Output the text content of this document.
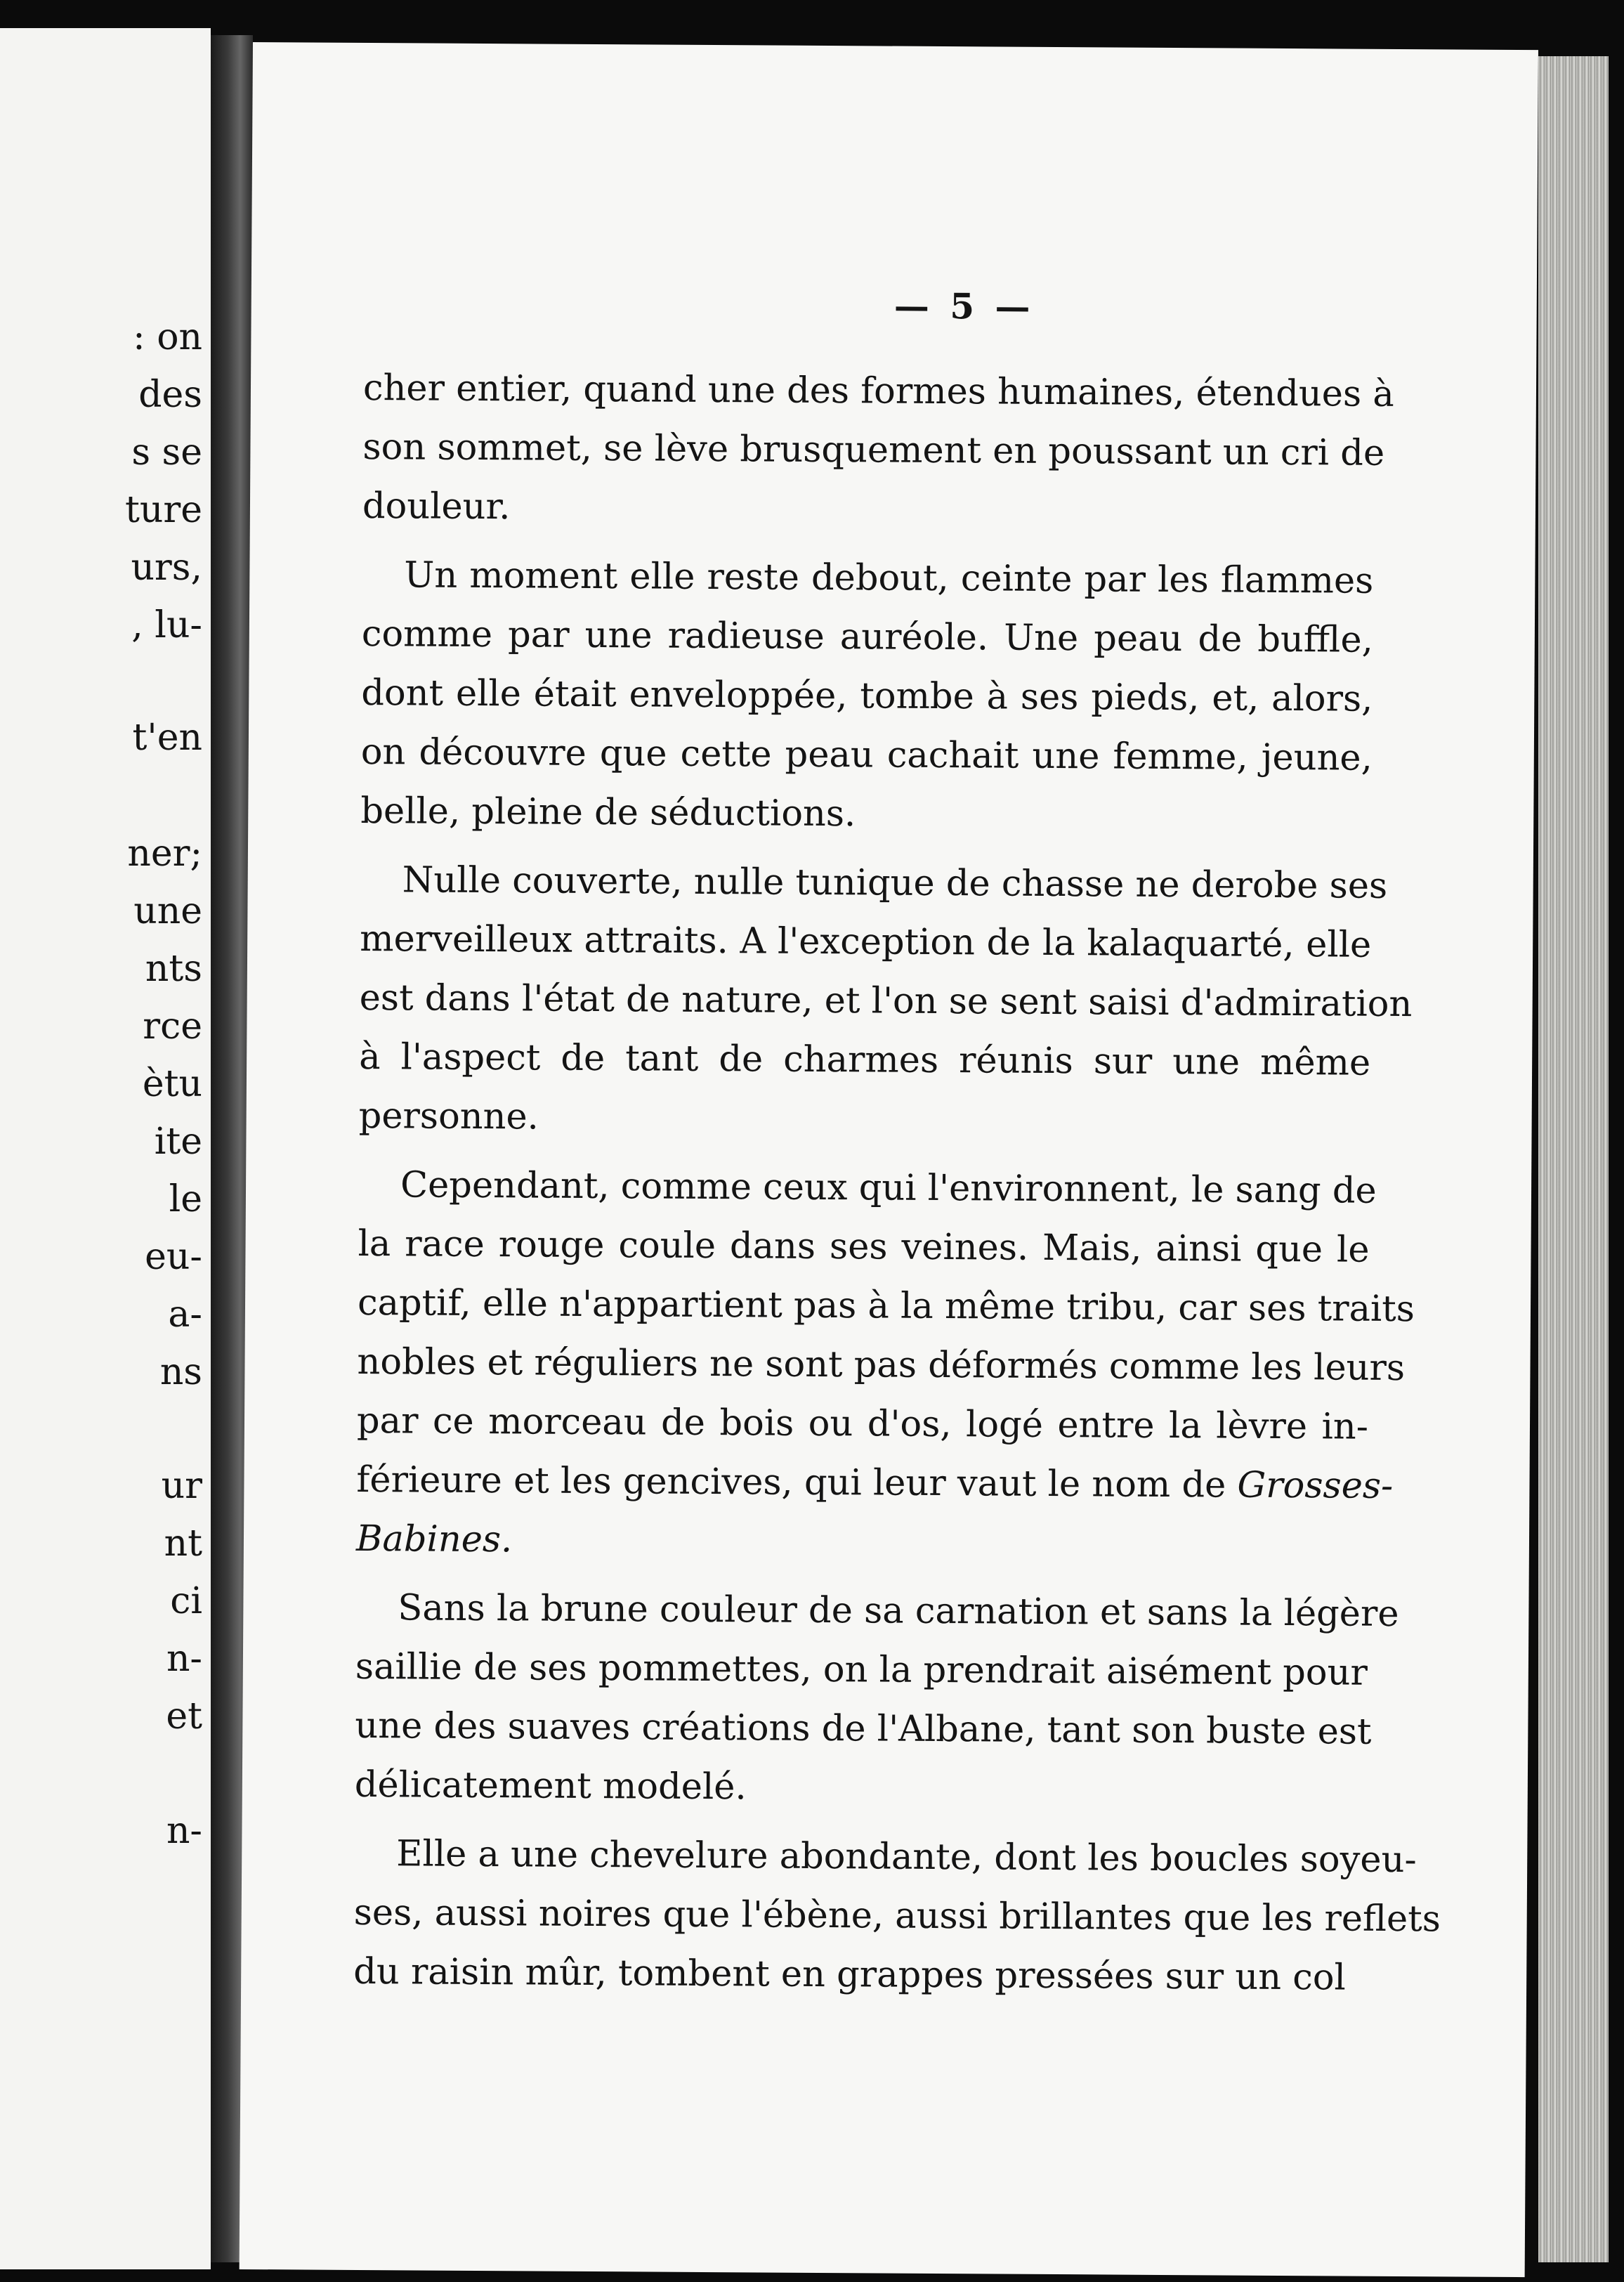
: on
des
s se
ture
urs,
, lu-
t'en
ner;
une
nts
rce
ètu
ite
le
eu-
a-
ns
ur
nt
ci
n-
et
n-
— 5 —
cher entier, quand une des formes humaines, étendues à
son sommet, se lève brusquement en poussant un cri de
douleur.
Un moment elle reste debout, ceinte par les flammes
comme par une radieuse auréole. Une peau de buffle,
dont elle était enveloppée, tombe à ses pieds, et, alors,
on découvre que cette peau cachait une femme, jeune,
belle, pleine de séductions.
Nulle couverte, nulle tunique de chasse ne derobe ses
merveilleux attraits. A l'exception de la kalaquarté, elle
est dans l'état de nature, et l'on se sent saisi d'admiration
à l'aspect de tant de charmes réunis sur une même
personne.
Cependant, comme ceux qui l'environnent, le sang de
la race rouge coule dans ses veines. Mais, ainsi que le
captif, elle n'appartient pas à la même tribu, car ses traits
nobles et réguliers ne sont pas déformés comme les leurs
par ce morceau de bois ou d'os, logé entre la lèvre in-
férieure et les gencives, qui leur vaut le nom de Grosses-
Babines.
Sans la brune couleur de sa carnation et sans la légère
saillie de ses pommettes, on la prendrait aisément pour
une des suaves créations de l'Albane, tant son buste est
délicatement modelé.
Elle a une chevelure abondante, dont les boucles soyeu-
ses, aussi noires que l'ébène, aussi brillantes que les reflets
du raisin mûr, tombent en grappes pressées sur un col
